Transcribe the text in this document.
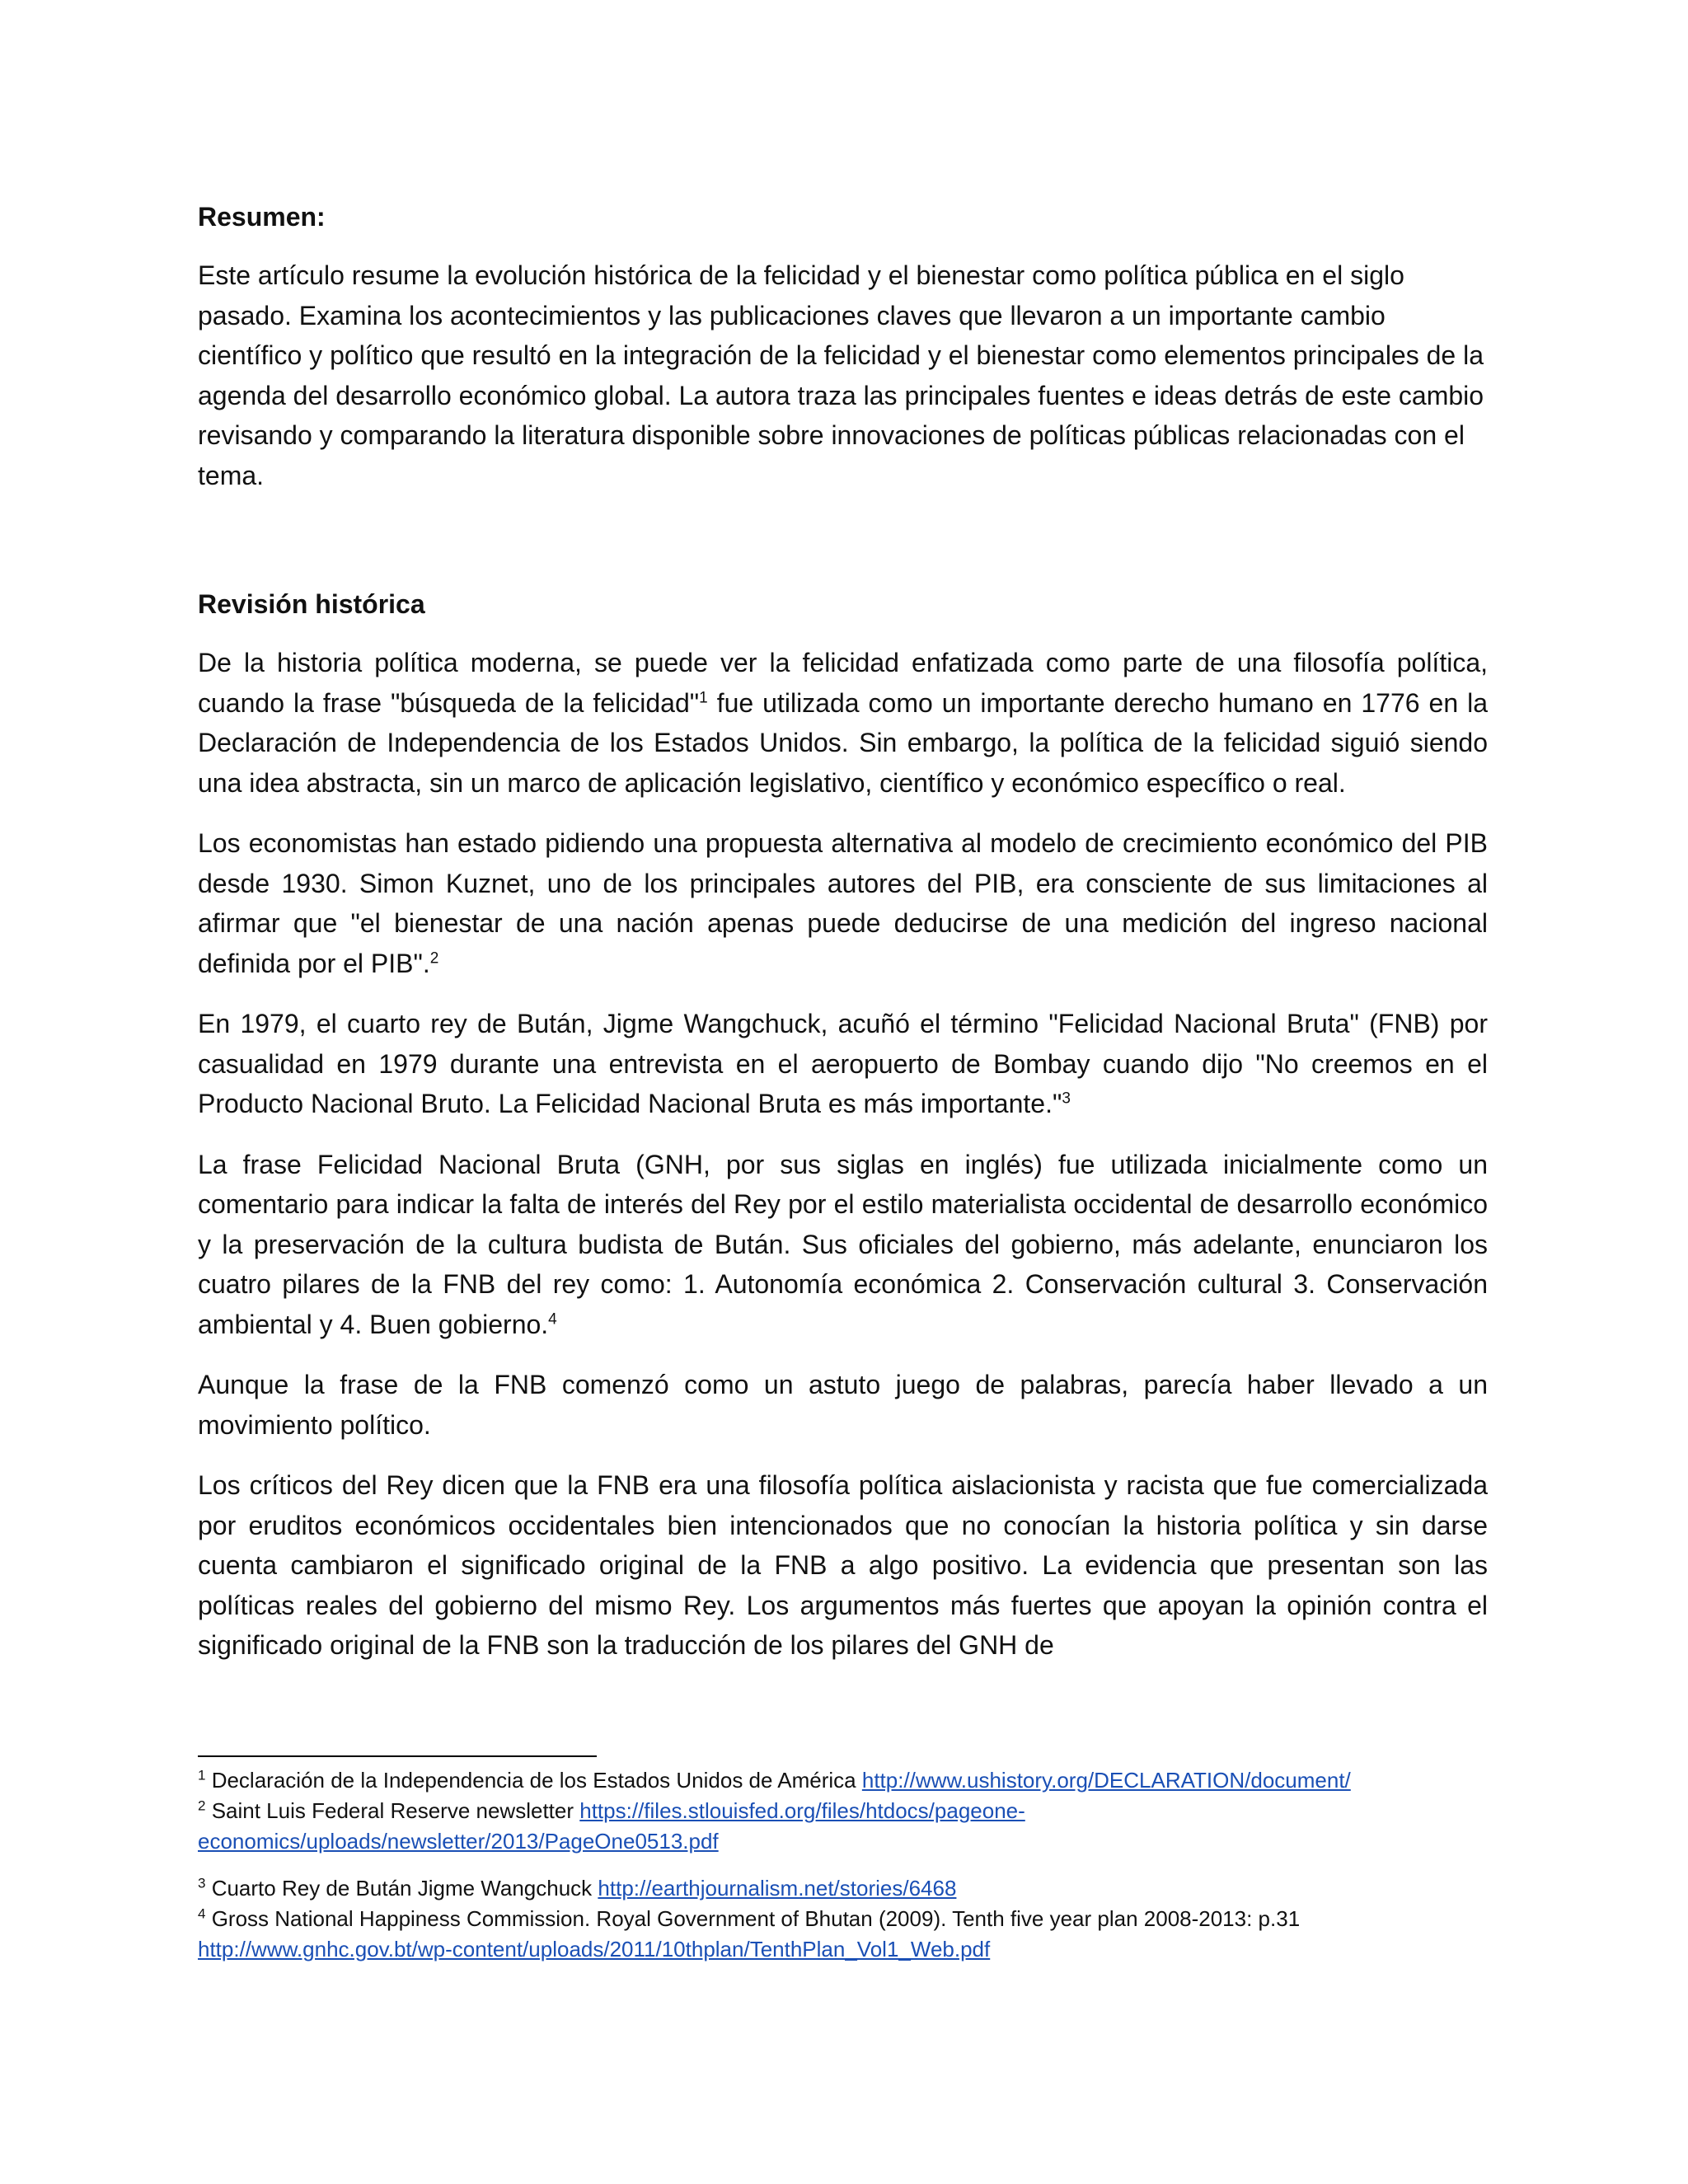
Resumen:
Este artículo resume la evolución histórica de la felicidad y el bienestar como política pública en el siglo pasado. Examina los acontecimientos y las publicaciones claves que llevaron a un importante cambio científico y político que resultó en la integración de la felicidad y el bienestar como elementos principales de la agenda del desarrollo económico global. La autora traza las principales fuentes e ideas detrás de este cambio revisando y comparando la literatura disponible sobre innovaciones de políticas públicas relacionadas con el tema.
Revisión histórica
De la historia política moderna, se puede ver la felicidad enfatizada como parte de una filosofía política, cuando la frase "búsqueda de la felicidad"$^1$ fue utilizada como un importante derecho humano en 1776 en la Declaración de Independencia de los Estados Unidos. Sin embargo, la política de la felicidad siguió siendo una idea abstracta, sin un marco de aplicación legislativo, científico y económico específico o real.
Los economistas han estado pidiendo una propuesta alternativa al modelo de crecimiento económico del PIB desde 1930. Simon Kuznet, uno de los principales autores del PIB, era consciente de sus limitaciones al afirmar que "el bienestar de una nación apenas puede deducirse de una medición del ingreso nacional definida por el PIB".$^2$
En 1979, el cuarto rey de Bután, Jigme Wangchuck, acuñó el término "Felicidad Nacional Bruta" (FNB) por casualidad en 1979 durante una entrevista en el aeropuerto de Bombay cuando dijo "No creemos en el Producto Nacional Bruto. La Felicidad Nacional Bruta es más importante."$^3$
La frase Felicidad Nacional Bruta (GNH, por sus siglas en inglés) fue utilizada inicialmente como un comentario para indicar la falta de interés del Rey por el estilo materialista occidental de desarrollo económico y la preservación de la cultura budista de Bután. Sus oficiales del gobierno, más adelante, enunciaron los cuatro pilares de la FNB del rey como: 1. Autonomía económica 2. Conservación cultural 3. Conservación ambiental y 4. Buen gobierno.$^4$
Aunque la frase de la FNB comenzó como un astuto juego de palabras, parecía haber llevado a un movimiento político.
Los críticos del Rey dicen que la FNB era una filosofía política aislacionista y racista que fue comercializada por eruditos económicos occidentales bien intencionados que no conocían la historia política y sin darse cuenta cambiaron el significado original de la FNB a algo positivo. La evidencia que presentan son las políticas reales del gobierno del mismo Rey. Los argumentos más fuertes que apoyan la opinión contra el significado original de la FNB son la traducción de los pilares del GNH de

$^1$ Declaración de la Independencia de los Estados Unidos de América http://www.ushistory.org/DECLARATION/document/

$^2$ Saint Luis Federal Reserve newsletter https://files.stlouisfed.org/files/htdocs/pageone-economics/uploads/newsletter/2013/PageOne0513.pdf

$^3$ Cuarto Rey de Bután Jigme Wangchuck http://earthjournalism.net/stories/6468

$^4$ Gross National Happiness Commission. Royal Government of Bhutan (2009). Tenth five year plan 2008-2013: p.31
http://www.gnhc.gov.bt/wp-content/uploads/2011/10thplan/TenthPlan_Vol1_Web.pdf
